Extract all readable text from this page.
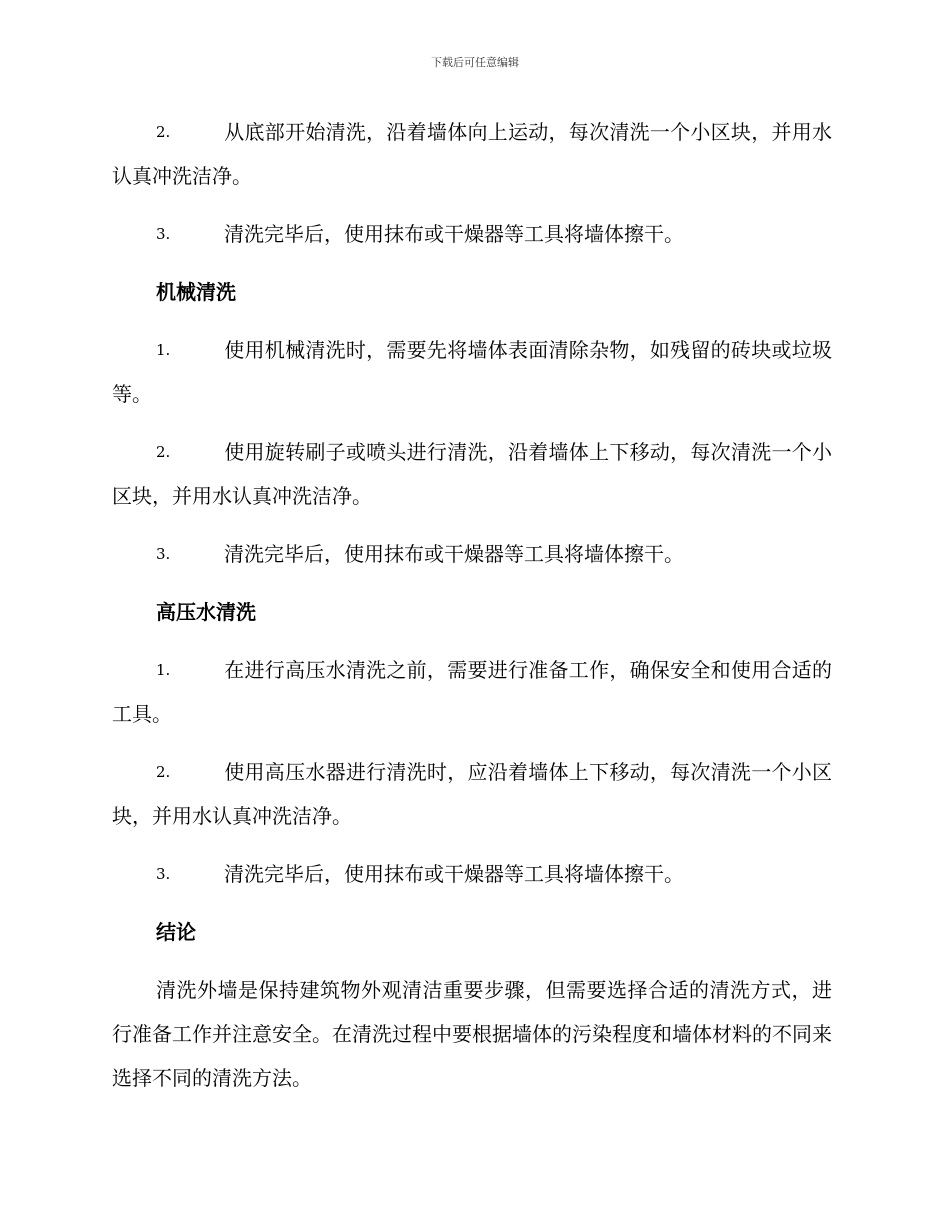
下载后可任意编辑
2.	从底部开始清洗，沿着墙体向上运动，每次清洗一个小区块，并用水认真冲洗洁净。
3.	清洗完毕后，使用抹布或干燥器等工具将墙体擦干。
机械清洗
1.	使用机械清洗时，需要先将墙体表面清除杂物，如残留的砖块或垃圾等。
2.	使用旋转刷子或喷头进行清洗，沿着墙体上下移动，每次清洗一个小区块，并用水认真冲洗洁净。
3.	清洗完毕后，使用抹布或干燥器等工具将墙体擦干。
高压水清洗
1.	在进行高压水清洗之前，需要进行准备工作，确保安全和使用合适的工具。
2.	使用高压水器进行清洗时，应沿着墙体上下移动，每次清洗一个小区块，并用水认真冲洗洁净。
3.	清洗完毕后，使用抹布或干燥器等工具将墙体擦干。
结论
清洗外墙是保持建筑物外观清洁重要步骤，但需要选择合适的清洗方式，进行准备工作并注意安全。在清洗过程中要根据墙体的污染程度和墙体材料的不同来选择不同的清洗方法。
